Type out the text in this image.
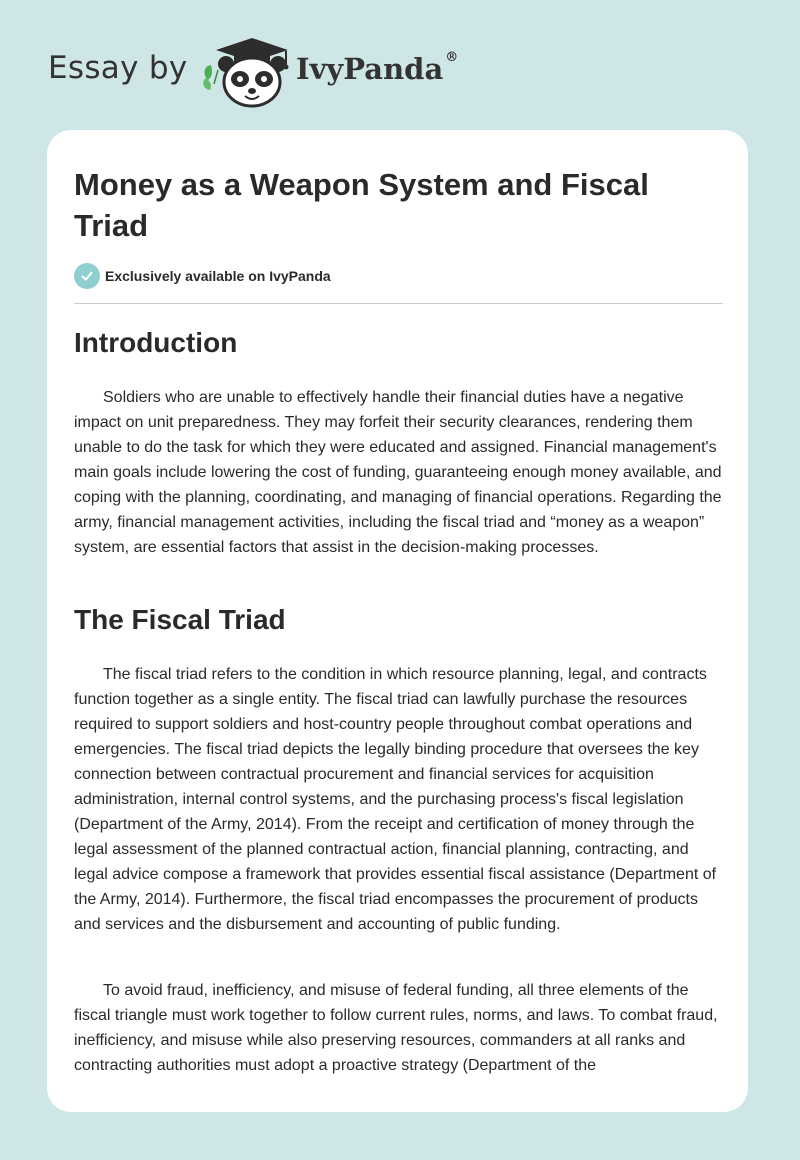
Essay by	IvyPanda ®
Money as a Weapon System and Fiscal Triad
Exclusively available on IvyPanda
Introduction

Soldiers who are unable to effectively handle their financial duties have a negative impact on unit preparedness. They may forfeit their security clearances, rendering them unable to do the task for which they were educated and assigned. Financial management's main goals include lowering the cost of funding, guaranteeing enough money available, and coping with the planning, coordinating, and managing of financial operations. Regarding the army, financial management activities, including the fiscal triad and “money as a weapon” system, are essential factors that assist in the decision-making processes.

The Fiscal Triad

The fiscal triad refers to the condition in which resource planning, legal, and contracts function together as a single entity. The fiscal triad can lawfully purchase the resources required to support soldiers and host-country people throughout combat operations and emergencies. The fiscal triad depicts the legally binding procedure that oversees the key connection between contractual procurement and financial services for acquisition administration, internal control systems, and the purchasing process's fiscal legislation (Department of the Army, 2014). From the receipt and certification of money through the legal assessment of the planned contractual action, financial planning, contracting, and legal advice compose a framework that provides essential fiscal assistance (Department of the Army, 2014). Furthermore, the fiscal triad encompasses the procurement of products and services and the disbursement and accounting of public funding.

To avoid fraud, inefficiency, and misuse of federal funding, all three elements of the fiscal triangle must work together to follow current rules, norms, and laws. To combat fraud, inefficiency, and misuse while also preserving resources, commanders at all ranks and contracting authorities must adopt a proactive strategy (Department of the
